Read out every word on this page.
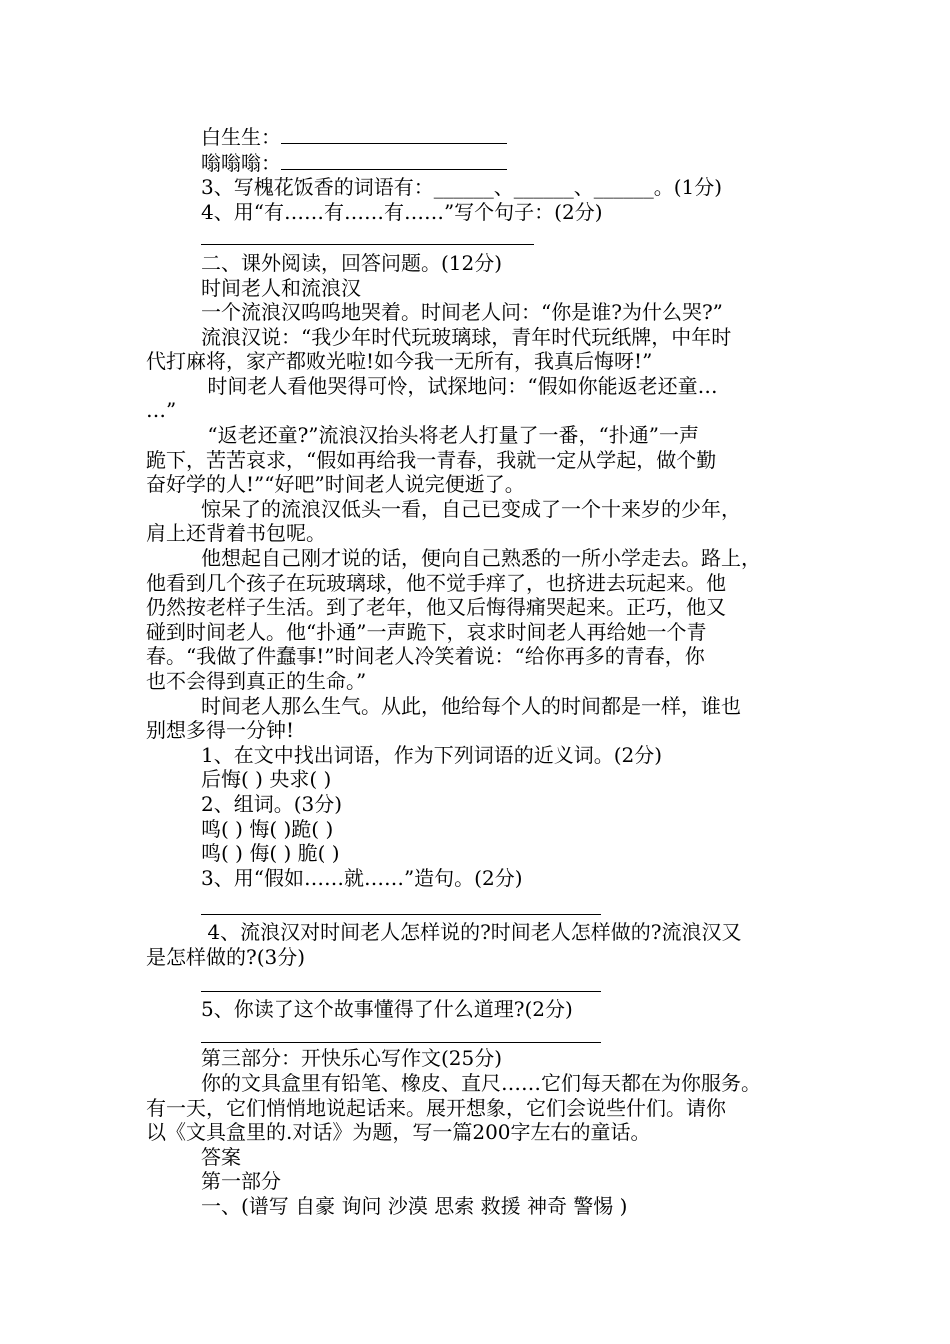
白生生：
嗡嗡嗡：
3、写槐花饭香的词语有：______、______、______。(1分)
4、用“有……有……有……”写个句子：(2分)
二、课外阅读，回答问题。(12分)
时间老人和流浪汉
一个流浪汉呜呜地哭着。时间老人问：“你是谁?为什么哭?”
流浪汉说：“我少年时代玩玻璃球，青年时代玩纸牌，中年时
代打麻将，家产都败光啦!如今我一无所有，我真后悔呀!”
时间老人看他哭得可怜，试探地问：“假如你能返老还童…
…”
“返老还童?”流浪汉抬头将老人打量了一番，“扑通”一声
跪下，苦苦哀求，“假如再给我一青春，我就一定从学起，做个勤
奋好学的人!”“好吧”时间老人说完便逝了。
惊呆了的流浪汉低头一看，自己已变成了一个十来岁的少年，
肩上还背着书包呢。
他想起自己刚才说的话，便向自己熟悉的一所小学走去。路上，
他看到几个孩子在玩玻璃球，他不觉手痒了，也挤进去玩起来。他
仍然按老样子生活。到了老年，他又后悔得痛哭起来。正巧，他又
碰到时间老人。他“扑通”一声跪下，哀求时间老人再给她一个青
春。“我做了件蠢事!”时间老人冷笑着说：“给你再多的青春，你
也不会得到真正的生命。”
时间老人那么生气。从此，他给每个人的时间都是一样，谁也
别想多得一分钟!
1、在文中找出词语，作为下列词语的近义词。(2分)
后悔( ) 央求( )
2、组词。(3分)
鸣( ) 悔( )跪( )
鸣( ) 侮( ) 脆( )
3、用“假如……就……”造句。(2分)
4、流浪汉对时间老人怎样说的?时间老人怎样做的?流浪汉又
是怎样做的?(3分)
5、你读了这个故事懂得了什么道理?(2分)
第三部分：开快乐心写作文(25分)
你的文具盒里有铅笔、橡皮、直尺……它们每天都在为你服务。
有一天，它们悄悄地说起话来。展开想象，它们会说些什们。请你
以《文具盒里的.对话》为题，写一篇200字左右的童话。
答案
第一部分
一、(谱写 自豪 询问 沙漠 思索 救援 神奇 警惕 )
